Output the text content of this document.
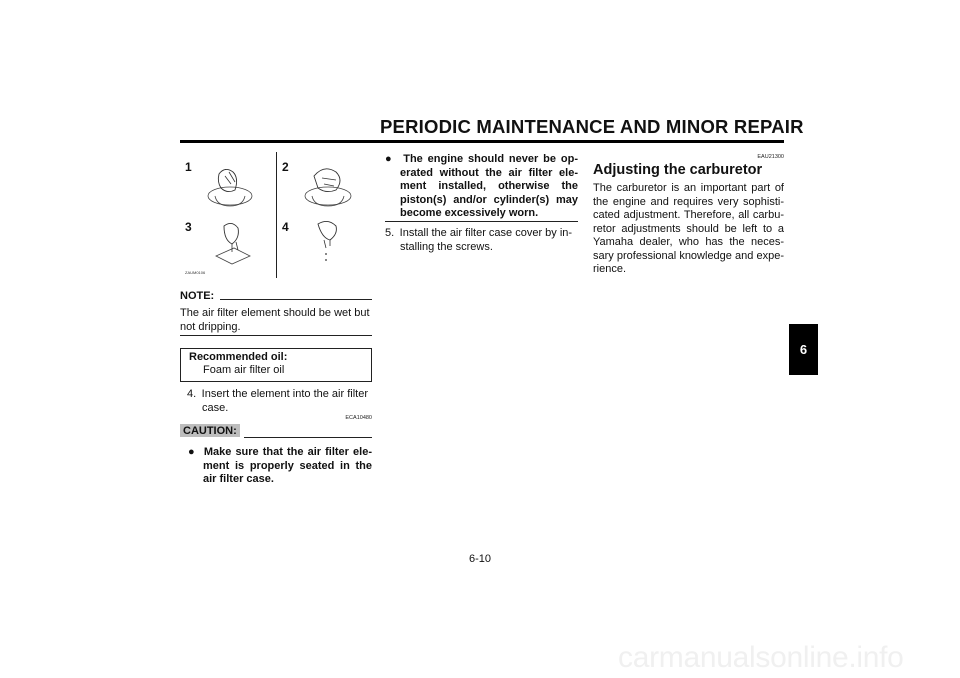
PERIODIC MAINTENANCE AND MINOR REPAIR
1	2
3	4
ZAUM0106
NOTE:
The air filter element should be wet but not dripping.
Recommended oil:
Foam air filter oil
4. Insert the element into the air filter case.
ECA10480
CAUTION:
●  Make sure that the air filter ele-ment is properly seated in the air filter case.
●  The engine should never be op-erated without the air filter ele-ment installed, otherwise the piston(s) and/or cylinder(s) may become excessively worn.
5. Install the air filter case cover by in-stalling the screws.
EAU21300
Adjusting the carburetor
The carburetor is an important part of the engine and requires very sophisti-cated adjustment. Therefore, all carbu-retor adjustments should be left to a Yamaha dealer, who has the neces-sary professional knowledge and expe-rience.
6
6-10
carmanualsonline.info
